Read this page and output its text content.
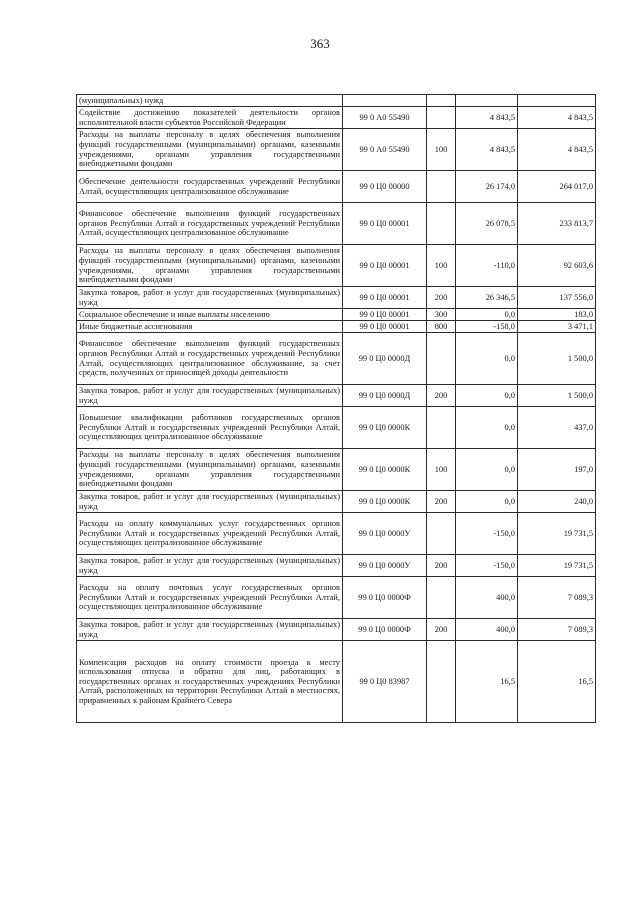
363
(муниципальных) нужд				
Содействие достижению показателей деятельности органов исполнительной власти субъектов Российской Федерации	99 0 А0 55490		4 843,5	4 843,5
Расходы на выплаты персоналу в целях обеспечения выполнения функций государственными (муниципальными) органами, казенными учреждениями, органами управления государственными внебюджетными фондами	99 0 А0 55490	100	4 843,5	4 843,5
Обеспечение деятельности государственных учреждений Республики Алтай, осуществляющих централизованное обслуживание	99 0 Ц0 00000		26 174,0	264 017,0
Финансовое обеспечение выполнения функций государственных органов Республики Алтай и государственных учреждений Республики Алтай, осуществляющих централизованное обслуживание	99 0 Ц0 00001		26 078,5	233 813,7
Расходы на выплаты персоналу в целях обеспечения выполнения функций государственными (муниципальными) органами, казенными учреждениями, органами управления государственными внебюджетными фондами	99 0 Ц0 00001	100	-110,0	92 603,6
Закупка товаров, работ и услуг для государственных (муниципальных) нужд	99 0 Ц0 00001	200	26 346,5	137 556,0
Социальное обеспечение и иные выплаты населению	99 0 Ц0 00001	300	0,0	183,0
Иные бюджетные ассигнования	99 0 Ц0 00001	800	-158,0	3 471,1
Финансовое обеспечение выполнения функций государственных органов Республики Алтай и государственных учреждений Республики Алтай, осуществляющих централизованное обслуживание, за счет средств, полученных от приносящей доходы деятельности	99 0 Ц0 0000Д		0,0	1 500,0
Закупка товаров, работ и услуг для государственных (муниципальных) нужд	99 0 Ц0 0000Д	200	0,0	1 500,0
Повышение квалификации работников государственных органов Республики Алтай и государственных учреждений Республики Алтай, осуществляющих централизованное обслуживание	99 0 Ц0 0000К		0,0	437,0
Расходы на выплаты персоналу в целях обеспечения выполнения функций государственными (муниципальными) органами, казенными учреждениями, органами управления государственными внебюджетными фондами	99 0 Ц0 0000К	100	0,0	197,0
Закупка товаров, работ и услуг для государственных (муниципальных) нужд	99 0 Ц0 0000К	200	0,0	240,0
Расходы на оплату коммунальных услуг государственных органов Республики Алтай и государственных учреждений Республики Алтай, осуществляющих централизованное обслуживание	99 0 Ц0 0000У		-150,0	19 731,5
Закупка товаров, работ и услуг для государственных (муниципальных) нужд	99 0 Ц0 0000У	200	-150,0	19 731,5
Расходы на оплату почтовых услуг государственных органов Республики Алтай и государственных учреждений Республики Алтай, осуществляющих централизованное обслуживание	99 0 Ц0 0000Ф		400,0	7 089,3
Закупка товаров, работ и услуг для государственных (муниципальных) нужд	99 0 Ц0 0000Ф	200	400,0	7 089,3
Компенсация расходов на оплату стоимости проезда к месту использования отпуска и обратно для лиц, работающих в государственных органах и государственных учреждениях Республики Алтай, расположенных на территории Республики Алтай в местностях, приравненных к районам Крайнего Севера	99 0 Ц0 83987		16,5	16,5
